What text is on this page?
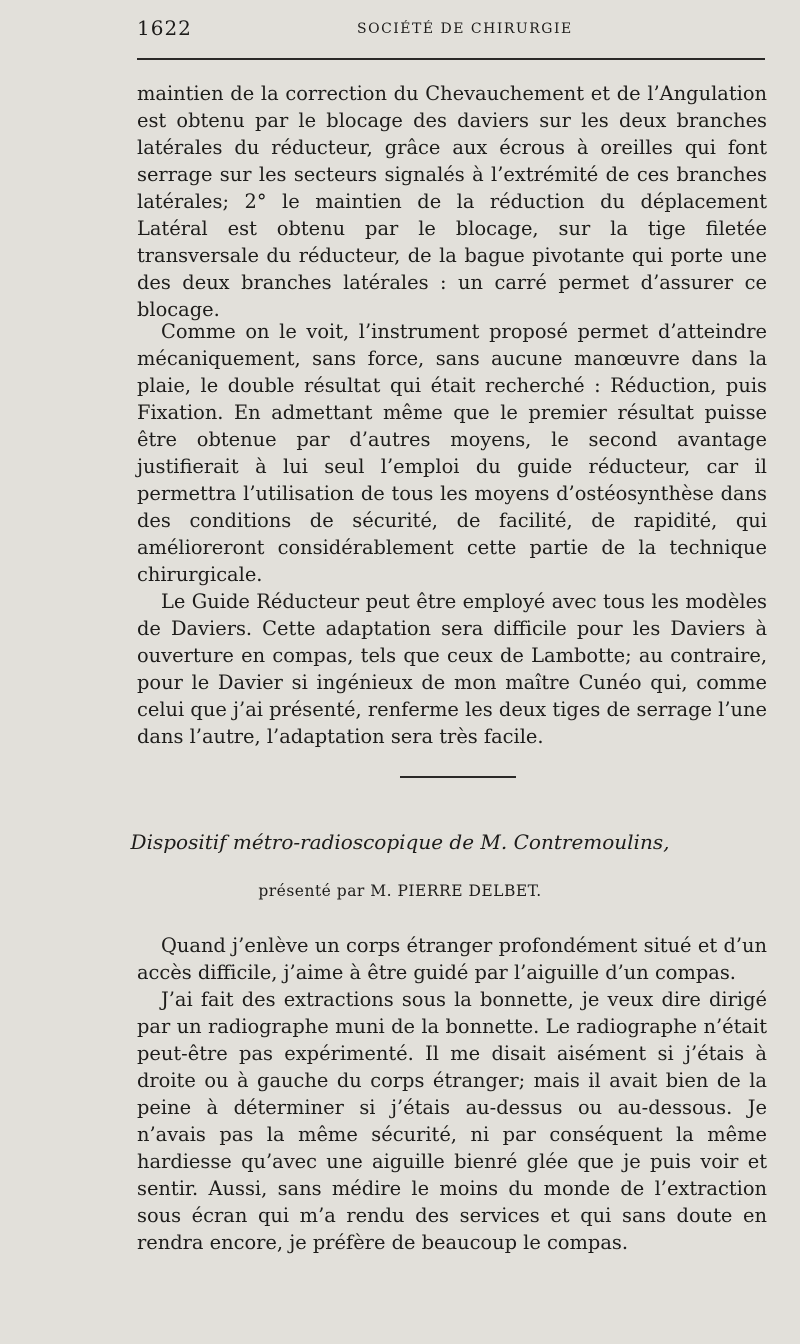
1622	SOCIÉTÉ DE CHIRURGIE

maintien de la correction du Chevauchement et de l’Angulation est obtenu par le blocage des daviers sur les deux branches latérales du réducteur, grâce aux écrous à oreilles qui font serrage sur les secteurs signalés à l’extrémité de ces branches latérales; 2° le maintien de la réduction du déplacement Latéral est obtenu par le blocage, sur la tige filetée transversale du réducteur, de la bague pivotante qui porte une des deux branches latérales : un carré permet d’assurer ce blocage.

Comme on le voit, l’instrument proposé permet d’atteindre mécaniquement, sans force, sans aucune manœuvre dans la plaie, le double résultat qui était recherché : Réduction, puis Fixation. En admettant même que le premier résultat puisse être obtenue par d’autres moyens, le second avantage justifierait à lui seul l’emploi du guide réducteur, car il permettra l’utilisation de tous les moyens d’ostéosynthèse dans des conditions de sécurité, de facilité, de rapidité, qui amélioreront considérablement cette partie de la technique chirurgicale.

Le Guide Réducteur peut être employé avec tous les modèles de Daviers. Cette adaptation sera difficile pour les Daviers à ouverture en compas, tels que ceux de Lambotte; au contraire, pour le Davier si ingénieux de mon maître Cunéo qui, comme celui que j’ai présenté, renferme les deux tiges de serrage l’une dans l’autre, l’adaptation sera très facile.

Dispositif métro-radioscopique de M. Contremoulins,
présenté par M. PIERRE DELBET.

Quand j’enlève un corps étranger profondément situé et d’un accès difficile, j’aime à être guidé par l’aiguille d’un compas.

J’ai fait des extractions sous la bonnette, je veux dire dirigé par un radiographe muni de la bonnette. Le radiographe n’était peut-être pas expérimenté. Il me disait aisément si j’étais à droite ou à gauche du corps étranger; mais il avait bien de la peine à déterminer si j’étais au-dessus ou au-dessous. Je n’avais pas la même sécurité, ni par conséquent la même hardiesse qu’avec une aiguille bienré glée que je puis voir et sentir. Aussi, sans médire le moins du monde de l’extraction sous écran qui m’a rendu des services et qui sans doute en rendra encore, je préfère de beaucoup le compas.
